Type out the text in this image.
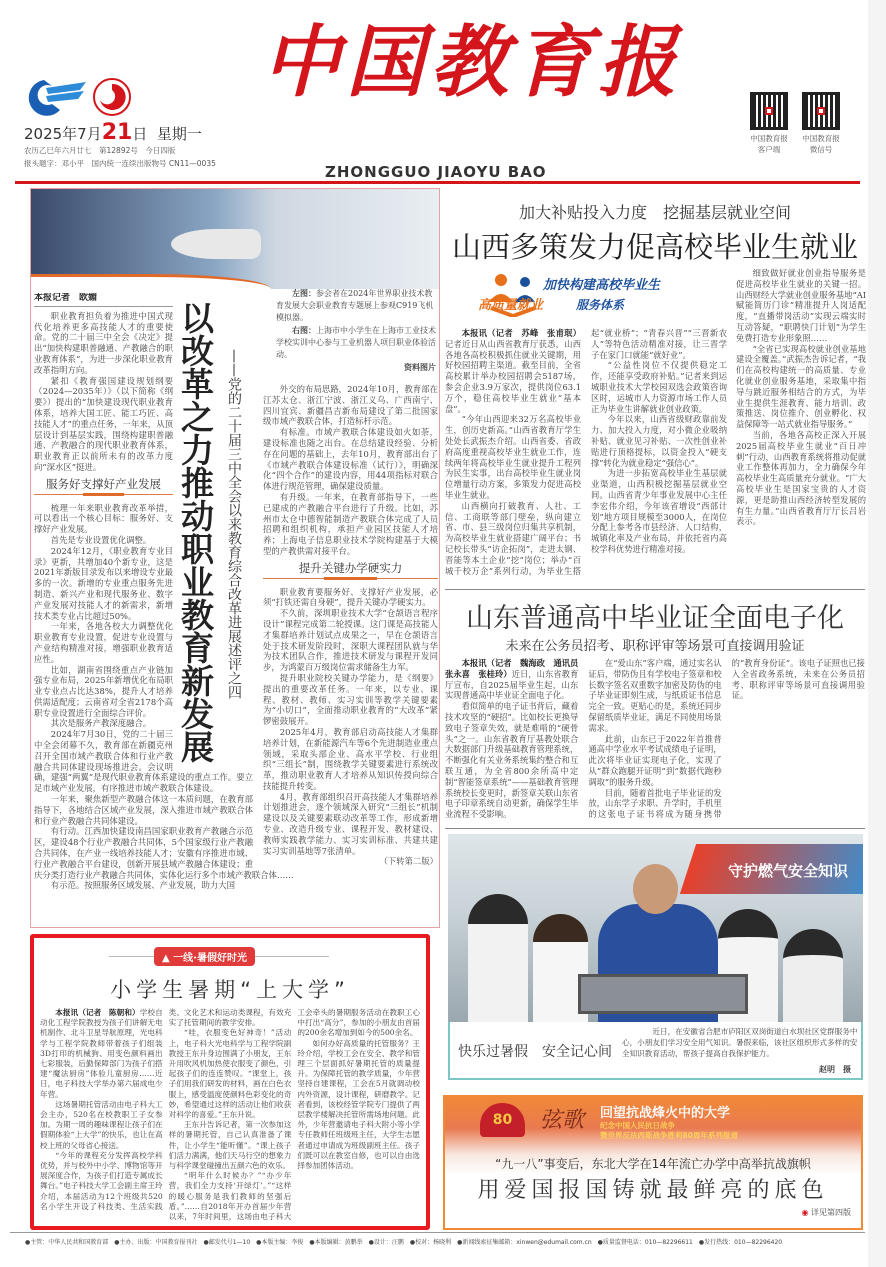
2025年7月21日 星期一
农历乙巳年六月廿七　第12892号　今日四版
报头题字：邓小平　国内统一连续出版物号 CN11—0035
中国教育报
ZHONGGUO JIAOYU BAO
中国教育报
客户端
中国教育报
微信号

左图：参会者在2024年世界职业技术教育发展大会职业教育专题展上参观C919飞机模拟器。

右图：上海市中小学生在上海市工业技术学校实训中心参与工业机器人项目职业体验活动。

资料图片

外交的布局思路，2024年10月，教育部在江苏太仓、浙江宁波、浙江义乌、广西南宁、四川宜宾、新疆昌吉新布局建设了第二批国家级市域产教联合体，打造标杆示范。

有标准。市域产教联合体建设如火如荼，建设标准也随之出台。在总结建设经验、分析存在问题的基础上，去年10月，教育部出台了《市域产教联合体建设标准（试行）》，明确深化“四个合作”的建设内容，用44项指标对联合体进行规范管理，确保建设质量。

有升级。一年来，在教育部指导下，一些已建成的产教融合平台进行了升级。比如，苏州市太仓中德智能制造产教联合体完成了人员招聘和组织机构，承担产业园区技能人才培养；上海电子信息职业技术学院构建基于大模型的产教供需对接平台。

提升关键办学硬实力

职业教育要服务好、支撑好产业发展，必须“打铁还需自身硬”，提升关键办学硬实力。

不久前，深圳职业技术大学“仓颉语言程序设计”课程完成第二轮授课。这门课是高技能人才集群培养计划试点成果之一，早在仓颉语言处于技术研发阶段时，深职大课程团队就与华为技术团队合作，推进技术研发与课程开发同步，为鸿蒙百万级岗位需求储备生力军。

提升职业院校关键办学能力，是《纲要》提出的重要改革任务。一年来，以专业、课程、教材、教师、实习实训等教学关键要素为“小切口”，全面推动职业教育的“大改革”紧锣密鼓展开。

2025年4月，教育部启动高技能人才集群培养计划，在新能源汽车等6个先进制造业重点领域，采取头部企业、高水平学校、行业组织“三组长”制，围绕教学关键要素进行系统改革，推动职业教育人才培养从知识传授向综合技能提升转变。

4月，教育部组织召开高技能人才集群培养计划推进会，逐个领域深入研究“三组长”机制建设以及关键要素联动改革等工作，形成新增专业、改造升级专业、课程开发、教材建设、教师实践教学能力、实习实训标准、共建共建实习实训基地等7张清单。

（下转第二版）

以改革之力推动职业教育新发展 ——党的二十届三中全会以来教育综合改革进展述评之四
本报记者　欧媚

职业教育担负着为推进中国式现代化培养更多高技能人才的重要使命。党的二十届三中全会《决定》提出“加快构建职普融通、产教融合的职业教育体系”，为进一步深化职业教育改革指明方向。

紧扣《教育强国建设规划纲要（2024—2035年）》（以下简称《纲要》）提出的“加快建设现代职业教育体系，培养大国工匠、能工巧匠、高技能人才”的重点任务，一年来，从顶层设计到基层实践，围绕构建职普融通、产教融合的现代职业教育体系，职业教育正以前所未有的改革力度向“深水区”挺进。

服务好支撑好产业发展

梳理一年来职业教育改革举措，可以看出一个核心目标：服务好、支撑好产业发展。

首先是专业设置优化调整。

2024年12月，《职业教育专业目录》更新，共增加40个新专业，这是2021年新版目录发布以来增设专业最多的一次。新增的专业重点服务先进制造、新兴产业和现代服务业、数字产业发展对技能人才的新需求，新增技术类专业占比超过50%。

一年来，各地各校大力调整优化职业教育专业设置，促进专业设置与产业结构精准对接，增强职业教育适应性。

比如，湖南省围绕重点产业链加强专业布局，2025年新增优化布局职业专业点占比达38%，提升人才培养供需适配度；云南省对全省2178个高职专业设置进行全面综合评价。

其次是服务产教深度融合。

2024年7月30日，党的二十届三中全会闭幕不久，教育部在新疆克州召开全国市域产教联合体和行业产教融合共同体建设现场推进会。会议明确，建强“两翼”是现代职业教育体系建设的重点工作。要立足市域产业发展，有序推进市域产教联合体建设。

一年来，聚焦新型产教融合体这一本质问题，在教育部指导下，各地结合区域产业发展，深入推进市域产教联合体和行业产教融合共同体建设。

有行动。江西加快建设南昌国家职业教育产教融合示范区，建设48个行业产教融合共同体，5个国家级行业产教融合共同体，在产业一线培养技能人才；安徽有序推进市域、行业产教融合平台建设，创新开展县域产教融合体建设；重庆分类打造行业产教融合共同体，实体化运行多个市域产教联合体……

有示范。按照服务区域发展、产业发展，助力大国

▲ 一线·暑假好时光
小学生暑期“上大学”

本报讯（记者　陈朝和）学校自动化工程学院教授为孩子们讲解无电机制作、北斗卫星导航原理，光电科学与工程学院教师带着孩子们组装3D打印的机械狗、用变色颜料画出七彩服装，后勤保障部门为孩子们搭建“魔法厨房”体验儿童厨房……近日，电子科技大学举办第六届成电少年营。

这场暑期托管活动由电子科大工会主办，520名在校教职工子女参加。为期一周的趣味课程让孩子们在假期体验“上大学”的快乐，也让在高校上班的父母省心接送。

“今年的课程充分发挥高校学科优势，并与校外中小学、博物馆等开展深度合作，为孩子们打造专属成长舞台。”电子科技大学工会副主席王玲介绍，本届活动为12个班级共520名小学生开设了科技类、生活实践类、文化艺术和运动类课程，有效充实了托管期间的教学安排。

“哇，衣服变色好神奇！”活动上，电子科大光电科学与工程学院副教授王东升身边围满了小朋友，王东升用吹风机加热使衣服变了颜色，引起孩子们的连连赞叹。“课堂上，孩子们用我们研发的材料，画在白色衣服上，感受温度使颜料色彩变化的奇妙，希望通过这样的活动让他们收获对科学的喜爱。”王东升说。

王东升告诉记者，第一次参加这样的暑期托管，自己认真准备了课件，让小学生“能听懂”。“课上孩子们活力满满，他们天马行空的想象力与科学课堂碰撞出五颜六色的欢乐。

“明年什么时候办？”“办少年营，我们全力支持‘开绿灯’。”“这样的暖心服务是我们教师的坚强后盾。”……自2018年开办首届少年营以来，7年时间里，这场由电子科大工会牵头的暑期服务活动在教职工心中打出“高分”，参加的小朋友由首届的200余名增加到如今的500余名。

如何办好高质量的托管服务？王玲介绍，学校工会在安全、教学和管理三个层面抓好暑期托管的质量提升。为保障托管的教学质量，少年营坚持自建课程，工会在5月就调动校内外资源，设计课程，研磨教学。记者看到，该校经管学院专门提供了两层教学楼解决托管所需场地问题。此外，少年营邀请电子科大附小等小学专任教师任班级班主任，大学生志愿者通过申请成为班级副班主任。孩子们既可以在教室自修，也可以自由选择参加团体活动。

加大补贴投入力度　挖掘基层就业空间
山西多策发力促高校毕业生就业
加快构建高校毕业生
高质量就业	服务体系

本报讯（记者　苏峰　张甫珉）记者近日从山西省教育厅获悉，山西各地各高校积极抓住就业关键期，用好校园招聘主渠道。截至目前，全省高校累计举办校园招聘会5187场，参会企业3.9万家次，提供岗位63.1万个，稳住高校毕业生就业“基本盘”。

“今年山西迎来32万名高校毕业生，创历史新高。”山西省教育厅学生处处长武振杰介绍。山西省委、省政府高度重视高校毕业生就业工作，连续两年将高校毕业生就业提升工程列为民生实事，出台高校毕业生就业岗位增量行动方案，多策发力促进高校毕业生就业。

山西横向打破教育、人社、工信、工商联等部门壁垒，纵向建立省、市、县三级岗位归集共享机制，为高校毕业生就业搭建广阔平台；书记校长带头“访企拓岗”，走进太钢、晋能等本土企业“挖”岗位；举办“百城千校万企”系列行动，为毕业生搭起“就业桥”；“青春兴晋”“三晋新农人”等特色活动精准对接，让三晋学子在家门口就能“就好业”。

“公益性岗位不仅提供稳定工作，还能享受政府补贴。”记者来到运城职业技术大学校园双选会政策咨询区时，运城市人力资源市场工作人员正为毕业生讲解就业创业政策。

今年以来，山西省级财政靠前发力、加大投入力度，对小微企业吸纳补贴、就业见习补贴、一次性创业补贴进行顶格提标，以资金投入“硬支撑”转化为就业稳定“强信心”。

为进一步拓宽高校毕业生基层就业渠道，山西积极挖掘基层就业空间。山西省青少年事业发展中心主任李宏伟介绍，今年该省增设“西部计划”地方项目规模至3000人，在岗位分配上参考各市县经济、人口结构，城镇化率及产业布局，并依托省内高校学科优势进行精准对接。

细致做好就业创业指导服务是促进高校毕业生就业的关键一招。山西财经大学就业创业服务基地“AI赋能简历门诊”精准提升人岗适配度，“直播带岗活动”实现云端实时互动答疑，“职聘快门计划”为学生免费打造专业形象照……

“全省已实现高校就业创业基地建设全覆盖。”武振杰告诉记者，“我们在高校构建统一的高质量、专业化就业创业服务基地，采取集中指导与跳近服务相结合的方式，为毕业生提供生涯教育、能力培训、政策推送、岗位推介、创业孵化、权益保障等一站式就业指导服务。”

当前，各地各高校正深入开展2025届高校毕业生就业“百日冲刺”行动，山西教育系统将推动促就业工作整体再加力，全力确保今年高校毕业生高质量充分就业。“广大高校毕业生是国家宝贵的人才资源，更是助推山西经济转型发展的有生力量。”山西省教育厅厅长吕岩表示。

山东普通高中毕业证全面电子化
未来在公务员招考、职称评审等场景可直接调用验证

本报讯（记者　魏海政　通讯员　张永喜　张桂玲）近日，山东省教育厅宣布，自2025届毕业生起，山东实现普通高中毕业证全面电子化。

看似简单的电子证书背后，藏着技术攻坚的“硬招”。比如校长更换导致电子签章失效，就是难啃的“硬骨头”之一。山东省教育厅基教处联合大数据部门升级基础教育管理系统，不断强化有关业务系统集约整合和互联互通，为全省800余所高中定制“智能签章系统”——基础教育管理系统校长变更时，新签章关联山东省电子印章系统自动更新，确保学生毕业流程不受影响。

在“爱山东”客户端，通过实名认证后，带防伪且有学校电子签章和校长数字签名双重数字加密及防伪的电子毕业证即刻生成，与纸质证书信息完全一致。更贴心的是，系统还同步保留纸质毕业证，满足不同使用场景需求。

此前，山东已于2022年首推普通高中学业水平考试成绩电子证明，此次将毕业证实现电子化，实现了从“群众跑腿开证明”到“数据代跑秒调取”的服务升级。

目前，随着首批电子毕业证的发放，山东学子求职、升学时，手机里的这张电子证书将成为随身携带的“教育身份证”。该电子证照也已接入全省政务系统，未来在公务员招考、职称评审等场景可直接调用验证。

守护燃气安全知识
快乐过暑假　安全记心间
近日，在安徽省合肥市庐阳区双岗街道白水坝社区党群服务中心，小朋友们学习安全用气知识。暑假来临，该社区组织形式多样的安全知识教育活动，帮孩子提高自我保护能力。
赵明　摄
80	弦歌 回望抗战烽火中的大学
纪念中国人民抗日战争
暨世界反法西斯战争胜利80周年系列报道
“九一八”事变后，东北大学在14年流亡办学中高举抗战旗帜
用爱国报国铸就最鲜亮的底色
◉ 详见第四版
●主管：中华人民共和国教育部　●主办、出版：中国教育报刊社　●邮发代号1—10　●本版主编：李俊　●本版编辑：黄鹏举　●设计：汪鹏　●校对：杨晓利　●新闻线索征集邮箱：xinwen@edumail.com.cn　●质量监督电话：010—82296611　●发行热线：010—82296420
